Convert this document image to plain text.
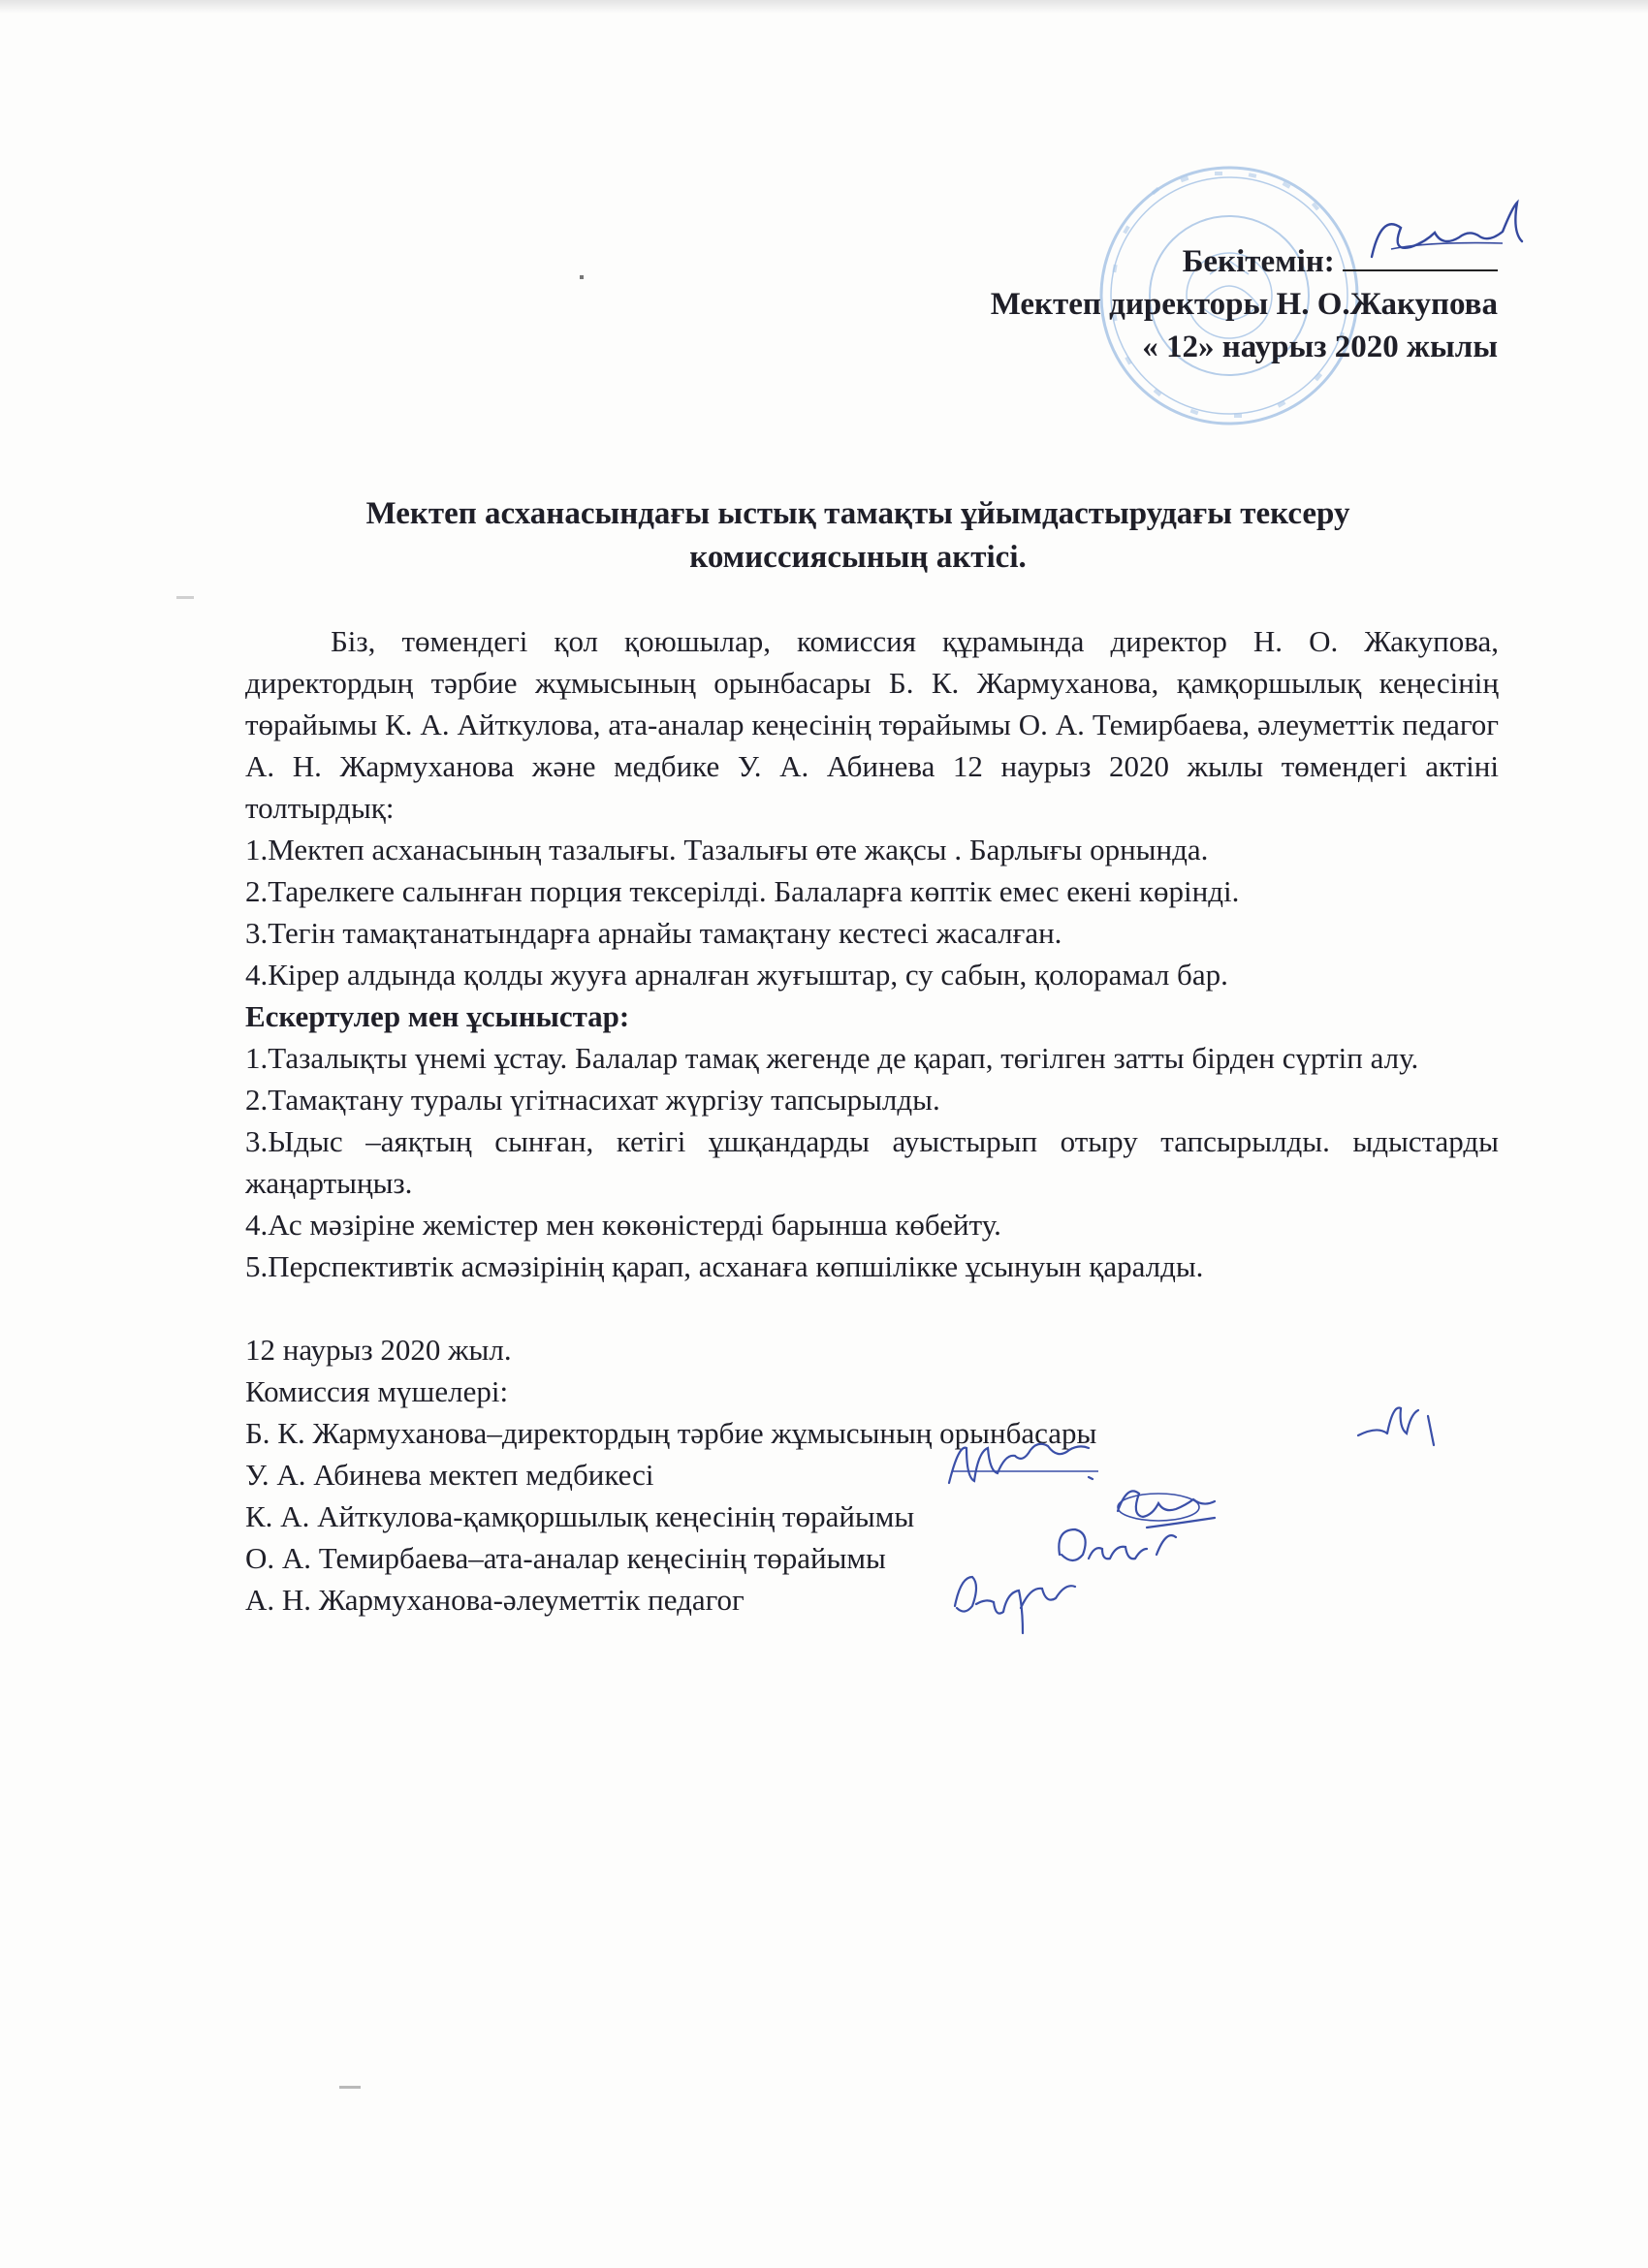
Бекітемін:
Мектеп директоры Н. О.Жакупова
« 12» наурыз 2020 жылы
Мектеп асханасындағы ыстық тамақты ұйымдастырудағы тексеру
комиссиясының актісі.

Біз, төмендегі қол қоюшылар, комиссия құрамында директор Н. О. Жакупова, директордың тәрбие жұмысының орынбасары Б. К. Жармуханова, қамқоршылық кеңесінің төрайымы К. А. Айткулова, ата-аналар кеңесінің төрайымы О. А. Темирбаева, әлеуметтік педагог А. Н. Жармуханова және медбике У. А. Абинева 12 наурыз 2020 жылы төмендегі актіні толтырдық:

1.Мектеп асханасының тазалығы. Тазалығы өте жақсы . Барлығы орнында.

2.Тарелкеге салынған порция тексерілді. Балаларға көптік емес екені көрінді.

3.Тегін тамақтанатындарға арнайы тамақтану кестесі жасалған.

4.Кірер алдында қолды жууға арналған жуғыштар, су сабын, қолорамал бар.

Ескертулер мен ұсыныстар:

1.Тазалықты үнемі ұстау. Балалар тамақ жегенде де қарап, төгілген затты бірден сүртіп алу.

2.Тамақтану туралы үгітнасихат жүргізу тапсырылды.

3.Ыдыс –аяқтың сынған, кетігі ұшқандарды ауыстырып отыру тапсырылды. ыдыстарды жаңартыңыз.

4.Ас мәзіріне жемістер мен көкөністерді барынша көбейту.

5.Перспективтік асмәзірінің қарап, асханаға көпшілікке ұсынуын қаралды.

12 наурыз 2020 жыл.

Комиссия мүшелері:

Б. К. Жармуханова–директордың тәрбие жұмысының орынбасары
У. А. Абинева мектеп медбикесі
К. А. Айткулова-қамқоршылық кеңесінің төрайымы
О. А. Темирбаева–ата-аналар кеңесінің төрайымы
А. Н. Жармуханова-әлеуметтік педагог
